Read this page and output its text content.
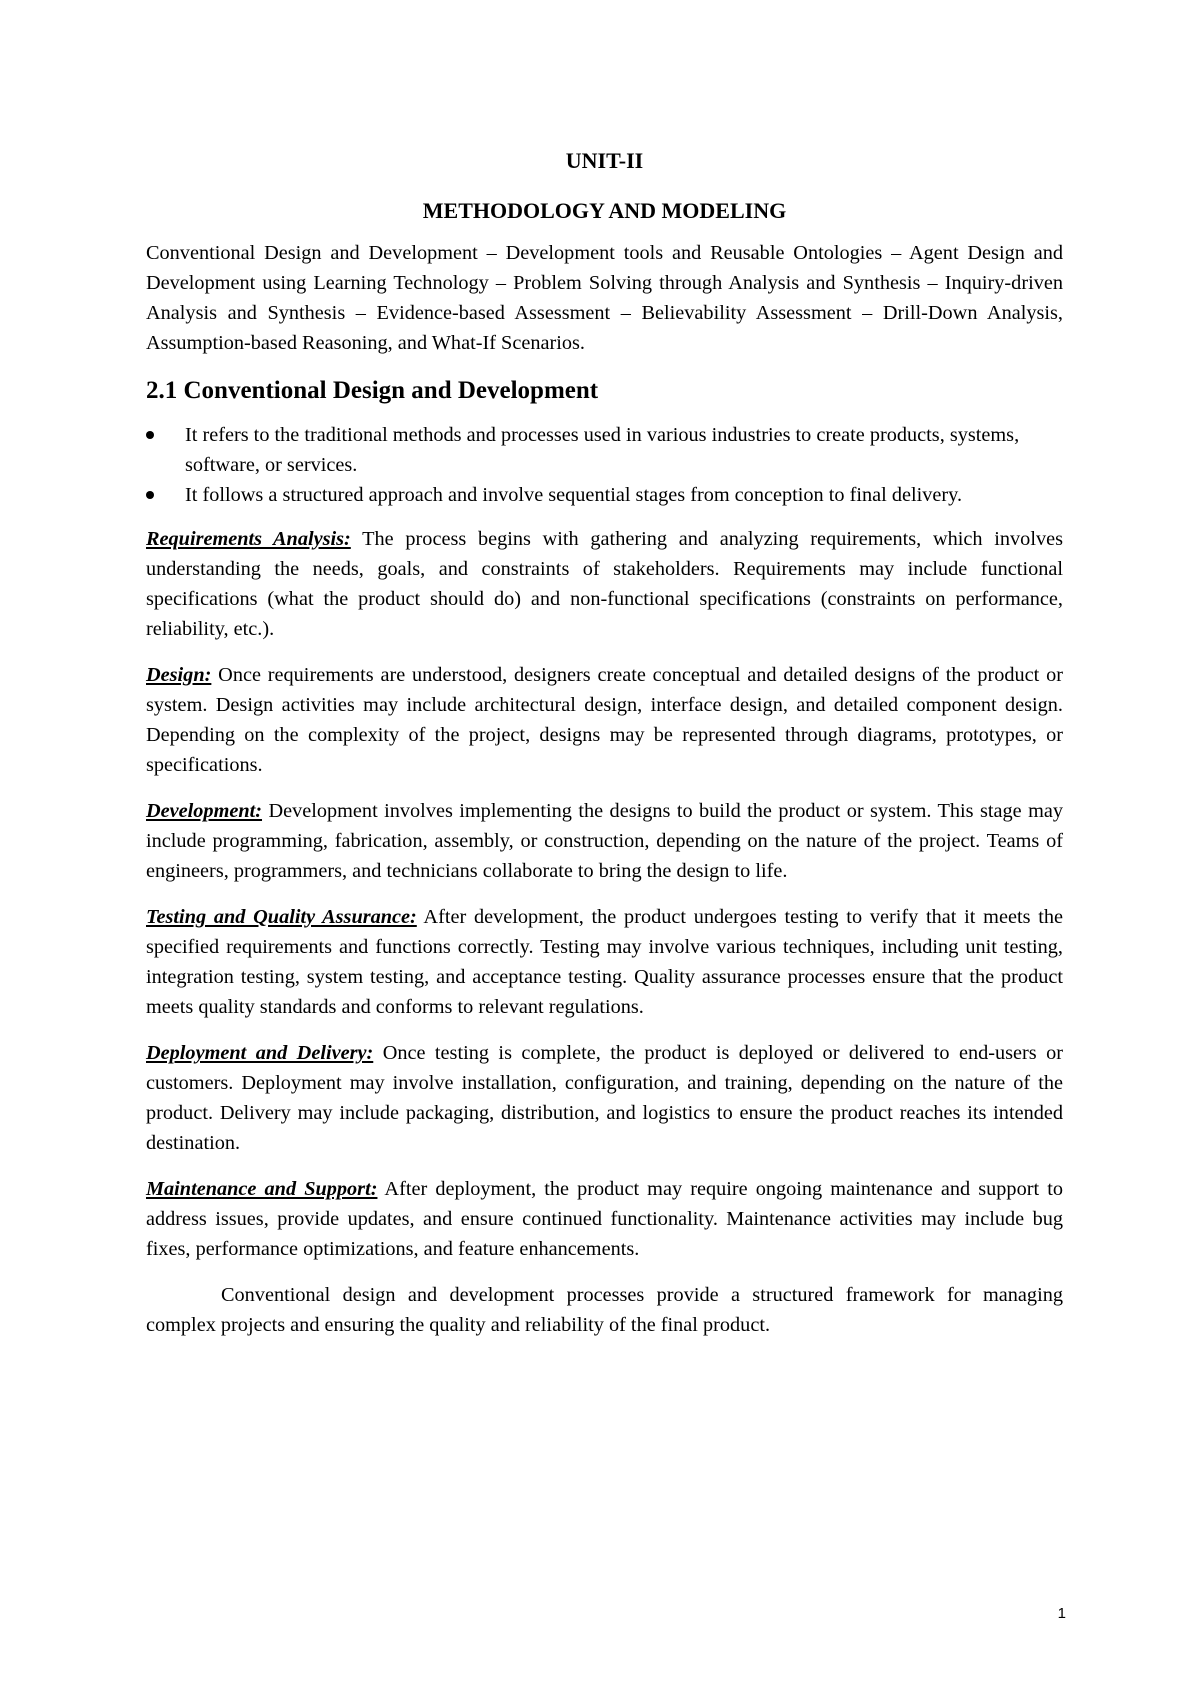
UNIT-II
METHODOLOGY AND MODELING

Conventional Design and Development – Development tools and Reusable Ontologies – Agent Design and Development using Learning Technology – Problem Solving through Analysis and Synthesis – Inquiry-driven Analysis and Synthesis – Evidence-based Assessment – Believability Assessment – Drill-Down Analysis, Assumption-based Reasoning, and What-If Scenarios.

2.1 Conventional Design and Development
It refers to the traditional methods and processes used in various industries to create products, systems, software, or services.
It follows a structured approach and involve sequential stages from conception to final delivery.

Requirements Analysis: The process begins with gathering and analyzing requirements, which involves understanding the needs, goals, and constraints of stakeholders. Requirements may include functional specifications (what the product should do) and non-functional specifications (constraints on performance, reliability, etc.).

Design: Once requirements are understood, designers create conceptual and detailed designs of the product or system. Design activities may include architectural design, interface design, and detailed component design. Depending on the complexity of the project, designs may be represented through diagrams, prototypes, or specifications.

Development: Development involves implementing the designs to build the product or system. This stage may include programming, fabrication, assembly, or construction, depending on the nature of the project. Teams of engineers, programmers, and technicians collaborate to bring the design to life.

Testing and Quality Assurance: After development, the product undergoes testing to verify that it meets the specified requirements and functions correctly. Testing may involve various techniques, including unit testing, integration testing, system testing, and acceptance testing. Quality assurance processes ensure that the product meets quality standards and conforms to relevant regulations.

Deployment and Delivery: Once testing is complete, the product is deployed or delivered to end-users or customers. Deployment may involve installation, configuration, and training, depending on the nature of the product. Delivery may include packaging, distribution, and logistics to ensure the product reaches its intended destination.

Maintenance and Support: After deployment, the product may require ongoing maintenance and support to address issues, provide updates, and ensure continued functionality. Maintenance activities may include bug fixes, performance optimizations, and feature enhancements.

Conventional design and development processes provide a structured framework for managing complex projects and ensuring the quality and reliability of the final product.

1
